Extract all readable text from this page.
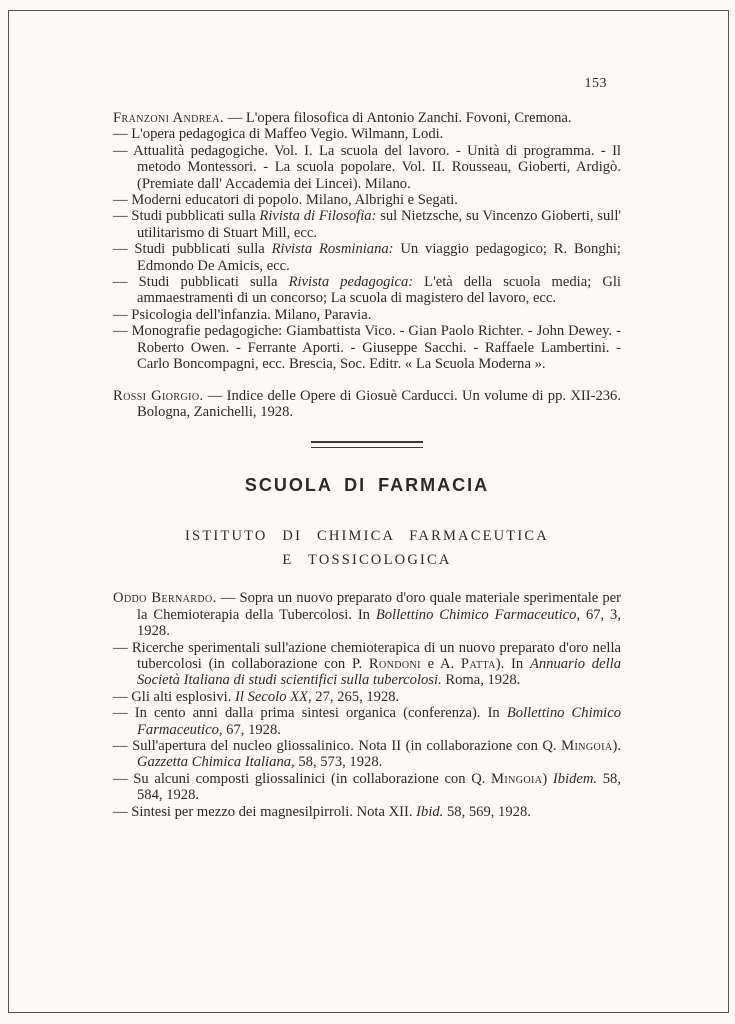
153

Franzoni Andrea. — L'opera filosofica di Antonio Zanchi. Fovoni, Cremona.

— L'opera pedagogica di Maffeo Vegio. Wilmann, Lodi.

— Attualità pedagogiche. Vol. I. La scuola del lavoro. - Unità di programma. - Il metodo Montessori. - La scuola popolare. Vol. II. Rousseau, Gioberti, Ardigò. (Premiate dall' Accademia dei Lincei). Milano.

— Moderni educatori di popolo. Milano, Albrighi e Segati.

— Studi pubblicati sulla Rivista di Filosofia: sul Nietzsche, su Vincenzo Gioberti, sull' utilitarismo di Stuart Mill, ecc.

— Studi pubblicati sulla Rivista Rosminiana: Un viaggio pedagogico; R. Bonghi; Edmondo De Amicis, ecc.

— Studi pubblicati sulla Rivista pedagogica: L'età della scuola media; Gli ammaestramenti di un concorso; La scuola di magistero del lavoro, ecc.

— Psicologia dell'infanzia. Milano, Paravia.

— Monografie pedagogiche: Giambattista Vico. - Gian Paolo Richter. - John Dewey. - Roberto Owen. - Ferrante Aporti. - Giuseppe Sacchi. - Raffaele Lambertini. - Carlo Boncompagni, ecc. Brescia, Soc. Editr. « La Scuola Moderna ».

Rossi Giorgio. — Indice delle Opere di Giosuè Carducci. Un volume di pp. XII-236. Bologna, Zanichelli, 1928.

SCUOLA DI FARMACIA
ISTITUTO DI CHIMICA FARMACEUTICA
E TOSSICOLOGICA

Oddo Bernardo. — Sopra un nuovo preparato d'oro quale materiale sperimentale per la Chemioterapia della Tubercolosi. In Bollettino Chimico Farmaceutico, 67, 3, 1928.

— Ricerche sperimentali sull'azione chemioterapica di un nuovo preparato d'oro nella tubercolosi (in collaborazione con P. Rondoni e A. Patta). In Annuario della Società Italiana di studi scientifici sulla tubercolosi. Roma, 1928.

— Gli alti esplosivi. Il Secolo XX, 27, 265, 1928.

— In cento anni dalla prima sintesi organica (conferenza). In Bollettino Chimico Farmaceutico, 67, 1928.

— Sull'apertura del nucleo gliossalinico. Nota II (in collaborazione con Q. Mingoia). Gazzetta Chimica Italiana, 58, 573, 1928.

— Su alcuni composti gliossalinici (in collaborazione con Q. Mingoia) Ibidem. 58, 584, 1928.

— Sintesi per mezzo dei magnesilpirroli. Nota XII. Ibid. 58, 569, 1928.
